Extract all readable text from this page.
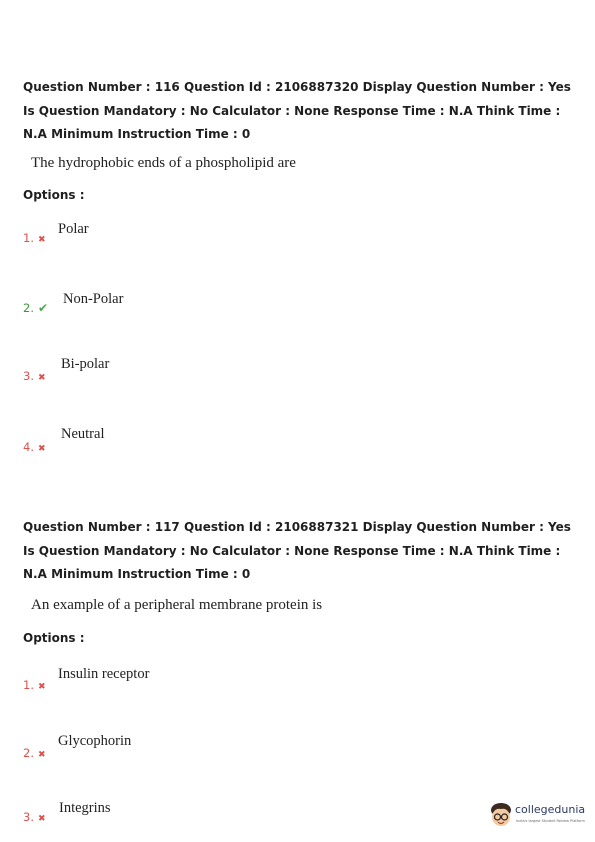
Question Number : 116 Question Id : 2106887320 Display Question Number : Yes Is Question Mandatory : No Calculator : None Response Time : N.A Think Time : N.A Minimum Instruction Time : 0
The hydrophobic ends of a phospholipid are
Options :
1. ✖
Polar
2. ✔
Non-Polar
3. ✖
Bi-polar
4. ✖
Neutral
Question Number : 117 Question Id : 2106887321 Display Question Number : Yes Is Question Mandatory : No Calculator : None Response Time : N.A Think Time : N.A Minimum Instruction Time : 0
An example of a peripheral membrane protein is
Options :
1. ✖
Insulin receptor
2. ✖
Glycophorin
3. ✖
Integrins	collegedunia
India's largest Student Review Platform
